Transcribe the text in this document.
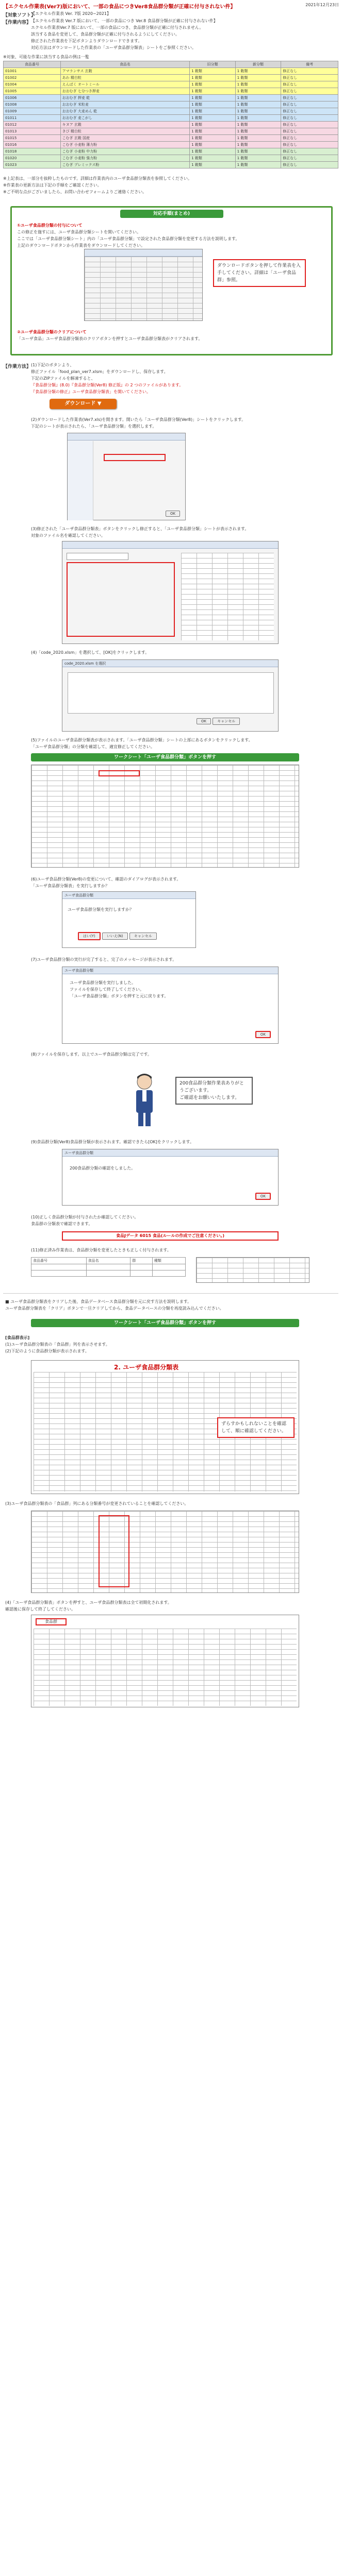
【エクセル作業表(Ver7)版において、一部の食品につきVer8食品群分類が正確に付与されない件】	2021年12月23日
【対象ソフト】
【エクセル作業表 Ver. 7版 2020~2021】
【作業内容】 【エクセル作業表 Ver.7 版において、一部の食品につき Ver.8 食品群分類が正確に付与されない件】
エクセル作業表Ver.7 版において、一部の食品につき、食品群分類が正確に付与されません。
該当する食品を変更して、食品群分類が正確に付与されるようにしてください。
修正された作業表を下記ボタンよりダウンロードできます。
対応方法はダウンロードした作業表の「ユーザ食品群分類表」シートをご参照ください。
※対象、可能な作業に該当する食品の例は一覧
食品番号	食品名	旧分類	新分類	備考
01001	アマランサス 玄穀	1 穀類	1 穀類	修正なし
01002	あわ 精白粒	1 穀類	1 穀類	修正なし
01004	えんばく オートミール	1 穀類	1 穀類	修正なし
01005	おおむぎ 七分つき押麦	1 穀類	1 穀類	修正なし
01006	おおむぎ 押麦 乾	1 穀類	1 穀類	修正なし
01008	おおむぎ 米粒麦	1 穀類	1 穀類	修正なし
01009	おおむぎ 大麦めん 乾	1 穀類	1 穀類	修正なし
01011	おおむぎ 麦こがし	1 穀類	1 穀類	修正なし
01012	キヌア 玄穀	1 穀類	1 穀類	修正なし
01013	きび 精白粒	1 穀類	1 穀類	修正なし
01015	こむぎ 玄穀 国産	1 穀類	1 穀類	修正なし
01016	こむぎ 小麦粉 薄力粉	1 穀類	1 穀類	修正なし
01018	こむぎ 小麦粉 中力粉	1 穀類	1 穀類	修正なし
01020	こむぎ 小麦粉 強力粉	1 穀類	1 穀類	修正なし
01023	こむぎ プレミックス粉	1 穀類	1 穀類	修正なし
※上記表は、一部分を抜粋したものです。詳細は作業表内のユーザ食品群分類表を参照してください。
※作業表の更新方法は下記の手順をご確認ください。
※ご不明な点がございましたら、お問い合わせフォームよりご連絡ください。
対応手順(まとめ)
①ユーザ食品群分類の付与について
この修正を施すには、ユーザ食品群分類シートを開いてください。
ここでは「ユーザ食品群分類シート」内の「ユーザ食品群分類」で設定された食品群分類を変更する方法を説明します。
上記のダウンロードボタンから作業表をダウンロードしてください。
ダウンロードボタンを押して作業表を入手してください。詳細は「ユーザ食品群」参照。
②ユーザ食品群分類のクリアについて
「ユーザ食品」ユーザ食品群分類表のクリアボタンを押すとユーザ食品群分類表がクリアされます。
【作業方法】 (1)下記のボタンより、
修正ファイル「food_plan_ver7.xlsm」をダウンロードし、保存します。
下記のZIPファイルを解凍すると、
『食品群分類』(8.0)『食品群分類(Ver8) 修正版』の 2 つのファイルがあります。
『食品群分類の修正』ユーザ食品群分類表」を開いてください。
ダウンロード ▼
(2)ダウンロードした作業表(Ver7.xls)を開きます。開いたら「ユーザ食品群分類(Ver8)」シートをクリックします。
下記のシートが表示されたら、「ユーザ食品群分類」を選択します。
OK
(3)修正された「ユーザ食品群分類表」ボタンをクリックし修正すると、「ユーザ食品群分類」シートが表示されます。
対象のファイル名を確認してください。
(4)「code_2020.xlsm」を選択して、[OK]をクリックします。
code_2020.xlsm を選択
OK	キャンセル
(5)ファイルのユーザ食品群分類表が表示されます。「ユーザ食品群分類」シートの上部にあるボタンをクリックします。
「ユーザ食品群分類」の分類を確認して、適宜修正してください。
ワークシート「ユーザ食品群分類」ボタンを押す
(6)ユーザ食品群分類(Ver8)の変更について、確認のダイアログが表示されます。
「ユーザ食品群分類表」を実行しますか？
ユーザ食品群分類
ユーザ食品群分類を実行しますか？
はい(Y)	いいえ(N)	キャンセル
(7)ユーザ食品群分類の実行が完了すると、完了のメッセージが表示されます。
ユーザ食品群分類
ユーザ食品群分類を実行しました。
ファイルを保存して終了してください。
「ユーザ食品群分類」ボタンを押すと元に戻ります。
OK
(8)ファイルを保存します。以上でユーザ食品群分類は完了です。
200食品群分類作業表ありがとうございます。
ご確認をお願いいたします。
(9)食品群分類(Ver8)食品群分類が表示されます。確認できたら[OK]をクリックします。
ユーザ食品群分類
200食品群分類の確認をしました。
OK
(10)正しく食品群分類が付与されたか確認してください。
食品群の分類表で確認できます。
食品Jデータ 6015 食品(ルールの作成でご注意ください。)
(11)修正済み作業表は、食品群分類を変更したときも正しく付与されます。
食品番号	食品名	群	種類

■ ユーザ食品群分類表をクリアした後、食品データベース食品群分類を元に戻す方法を説明します。
ユーザ食品群分類表を「クリア」ボタンで一旦クリアしてから、食品データベースの分類を再度読み込んでください。
ワークシート「ユーザ食品群分類」ボタンを押す
[食品群表示]
(1)ユーザ食品群分類表の「食品群」列を表示させます。
(2)下記のように食品群分類が表示されます。
2. ユーザ食品群分類表
ずらすかもしれないことを確認して、順に確認してください。
(3)ユーザ食品群分類表の「食品群」列にある分類番号が変更されていることを確認してください。
(4)「ユーザ食品群分類表」ボタンを押すと、ユーザ食品群分類表は全て初期化されます。
確認後に保存して終了してください。
食品群
